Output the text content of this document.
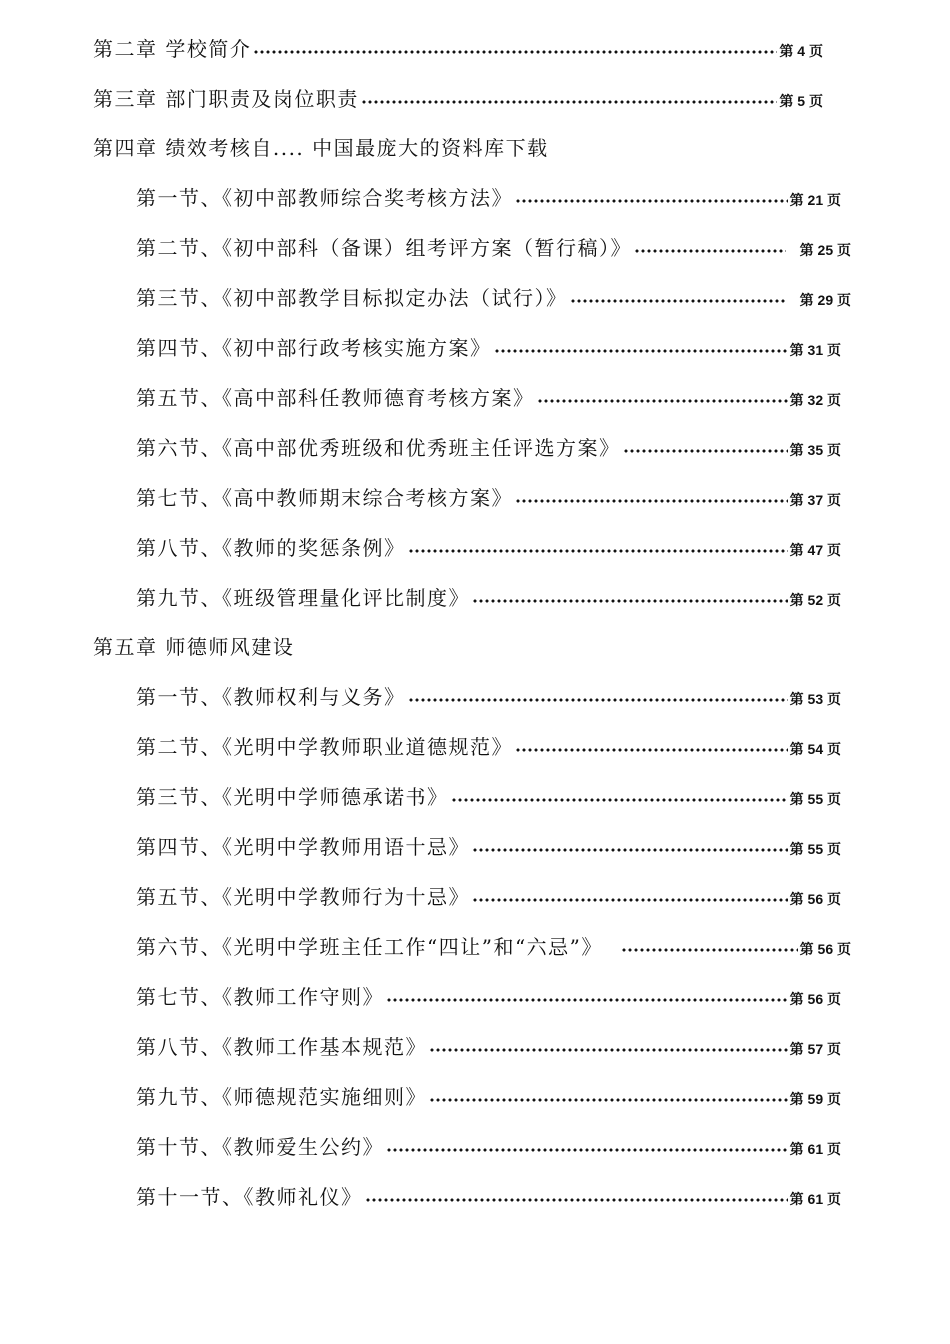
第二章 学校简介	第 4 页
第三章 部门职责及岗位职责	第 5 页
第四章 绩效考核自.... 中国最庞大的资料库下载
第一节、《初中部教师综合奖考核方法》	第 21 页
第二节、《初中部科（备课）组考评方案（暂行稿）》	第 25 页
第三节、《初中部教学目标拟定办法（试行）》	第 29 页
第四节、《初中部行政考核实施方案》	第 31 页
第五节、《高中部科任教师德育考核方案》	第 32 页
第六节、《高中部优秀班级和优秀班主任评选方案》	第 35 页
第七节、《高中教师期末综合考核方案》	第 37 页
第八节、《教师的奖惩条例》	第 47 页
第九节、《班级管理量化评比制度》	第 52 页
第五章 师德师风建设
第一节、《教师权利与义务》	第 53 页
第二节、《光明中学教师职业道德规范》	第 54 页
第三节、《光明中学师德承诺书》	第 55 页
第四节、《光明中学教师用语十忌》	第 55 页
第五节、《光明中学教师行为十忌》	第 56 页
第六节、《光明中学班主任工作“四让”和“六忌”》	第 56 页
第七节、《教师工作守则》	第 56 页
第八节、《教师工作基本规范》	第 57 页
第九节、《师德规范实施细则》	第 59 页
第十节、《教师爱生公约》	第 61 页
第十一节、《教师礼仪》	第 61 页
